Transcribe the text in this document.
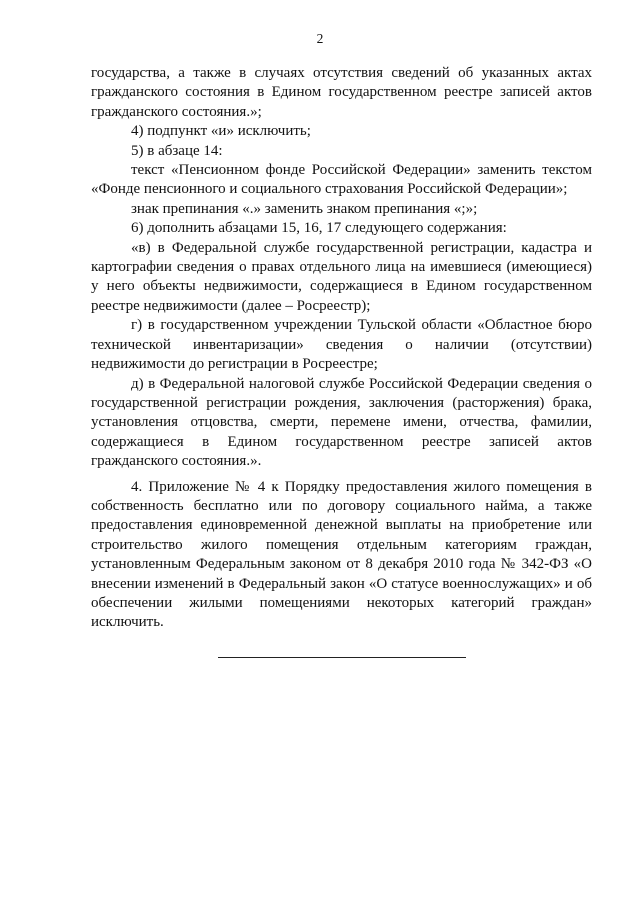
2

государства, а также в случаях отсутствия сведений об указанных актах гражданского состояния в Едином государственном реестре записей актов гражданского состояния.»;

4) подпункт «и» исключить;

5) в абзаце 14:

текст «Пенсионном фонде Российской Федерации» заменить текстом «Фонде пенсионного и социального страхования Российской Федерации»;

знак препинания «.» заменить знаком препинания «;»;

6) дополнить абзацами 15, 16, 17 следующего содержания:

«в) в Федеральной службе государственной регистрации, кадастра и картографии сведения о правах отдельного лица на имевшиеся (имеющиеся) у него объекты недвижимости, содержащиеся в Едином государственном реестре недвижимости (далее – Росреестр);

г) в государственном учреждении Тульской области «Областное бюро технической инвентаризации» сведения о наличии (отсутствии) недвижимости до регистрации в Росреестре;

д) в Федеральной налоговой службе Российской Федерации сведения о государственной регистрации рождения, заключения (расторжения) брака, установления отцовства, смерти, перемене имени, отчества, фамилии, содержащиеся в Едином государственном реестре записей актов гражданского состояния.».

4. Приложение № 4 к Порядку предоставления жилого помещения в собственность бесплатно или по договору социального найма, а также предоставления единовременной денежной выплаты на приобретение или строительство жилого помещения отдельным категориям граждан, установленным Федеральным законом от 8 декабря 2010 года № 342-ФЗ «О внесении изменений в Федеральный закон «О статусе военнослужащих» и об обеспечении жилыми помещениями некоторых категорий граждан» исключить.
